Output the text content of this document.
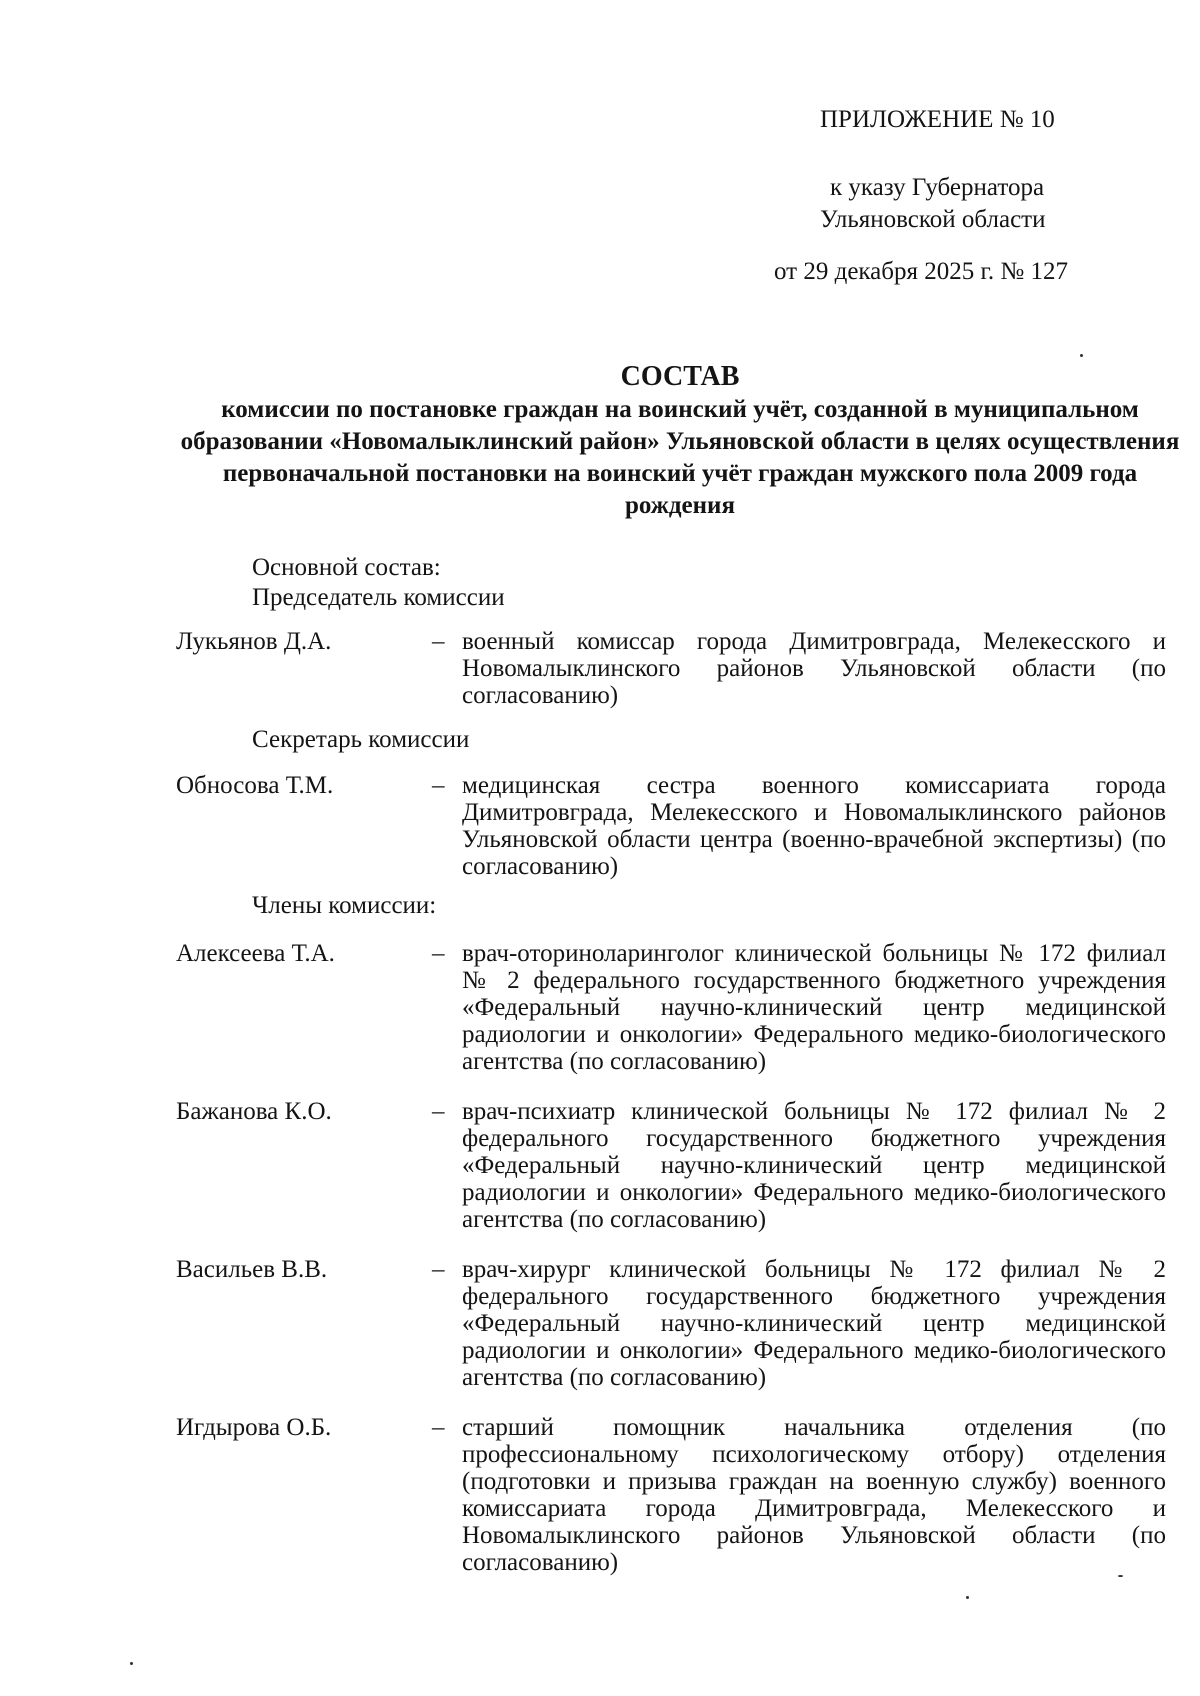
ПРИЛОЖЕНИЕ № 10
к указу Губернатора
Ульяновской области
от 29 декабря 2025 г. № 127
СОСТАВ
комиссии по постановке граждан на воинский учёт, созданной в муниципальном образовании «Новомалыклинский район» Ульяновской области в целях осуществления первоначальной постановки на воинский учёт граждан мужского пола 2009 года рождения
Основной состав:
Председатель комиссии
Лукьянов Д.А.	– военный комиссар города Димитровграда, Мелекесского и Новомалыклинского районов Ульяновской области (по согласованию)
Секретарь комиссии
Обносова Т.М.	– медицинская сестра военного комиссариата города Димитровграда, Мелекесского и Новомалыклинского районов Ульяновской области центра (военно-врачебной экспертизы) (по согласованию)
Члены комиссии:
Алексеева Т.А.	– врач-оториноларинголог клинической больницы № 172 филиал № 2 федерального государственного бюджетного учреждения «Федеральный научно-клинический центр медицинской радиологии и онкологии» Федерального медико-биологического агентства (по согласованию)
Бажанова К.О.	– врач-психиатр клинической больницы № 172 филиал № 2 федерального государственного бюджетного учреждения «Федеральный научно-клинический центр медицинской радиологии и онкологии» Федерального медико-биологического агентства (по согласованию)
Васильев В.В.	– врач-хирург клинической больницы № 172 филиал № 2 федерального государственного бюджетного учреждения «Федеральный научно-клинический центр медицинской радиологии и онкологии» Федерального медико-биологического агентства (по согласованию)
Игдырова О.Б.	– старший помощник начальника отделения (по профессиональному психологическому отбору) отделения (подготовки и призыва граждан на военную службу) военного комиссариата города Димитровграда, Мелекесского и Новомалыклинского районов Ульяновской области (по согласованию)
